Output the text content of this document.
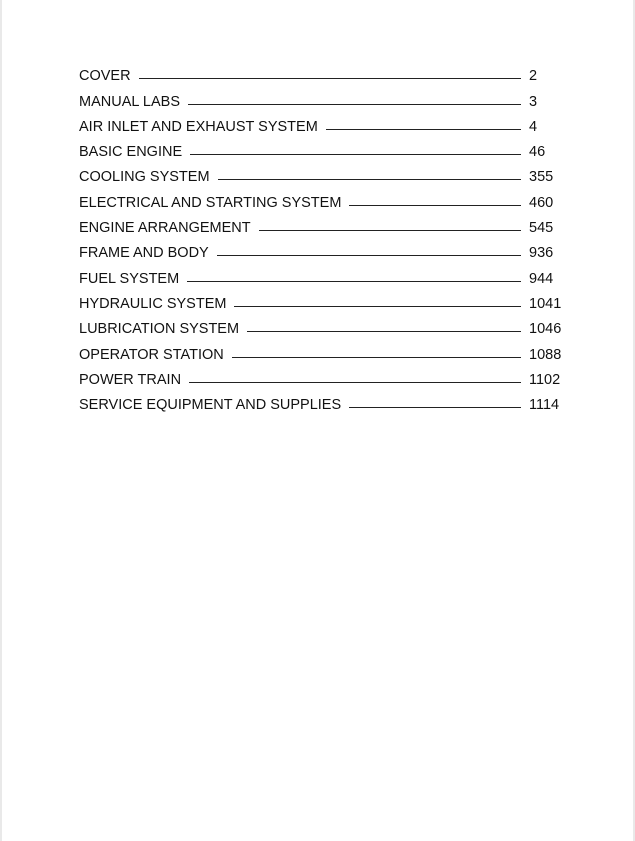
COVER	2
MANUAL LABS	3
AIR INLET AND EXHAUST SYSTEM	4
BASIC ENGINE	46
COOLING SYSTEM	355
ELECTRICAL AND STARTING SYSTEM	460
ENGINE ARRANGEMENT	545
FRAME AND BODY	936
FUEL SYSTEM	944
HYDRAULIC SYSTEM	1041
LUBRICATION SYSTEM	1046
OPERATOR STATION	1088
POWER TRAIN	1102
SERVICE EQUIPMENT AND SUPPLIES	1114
